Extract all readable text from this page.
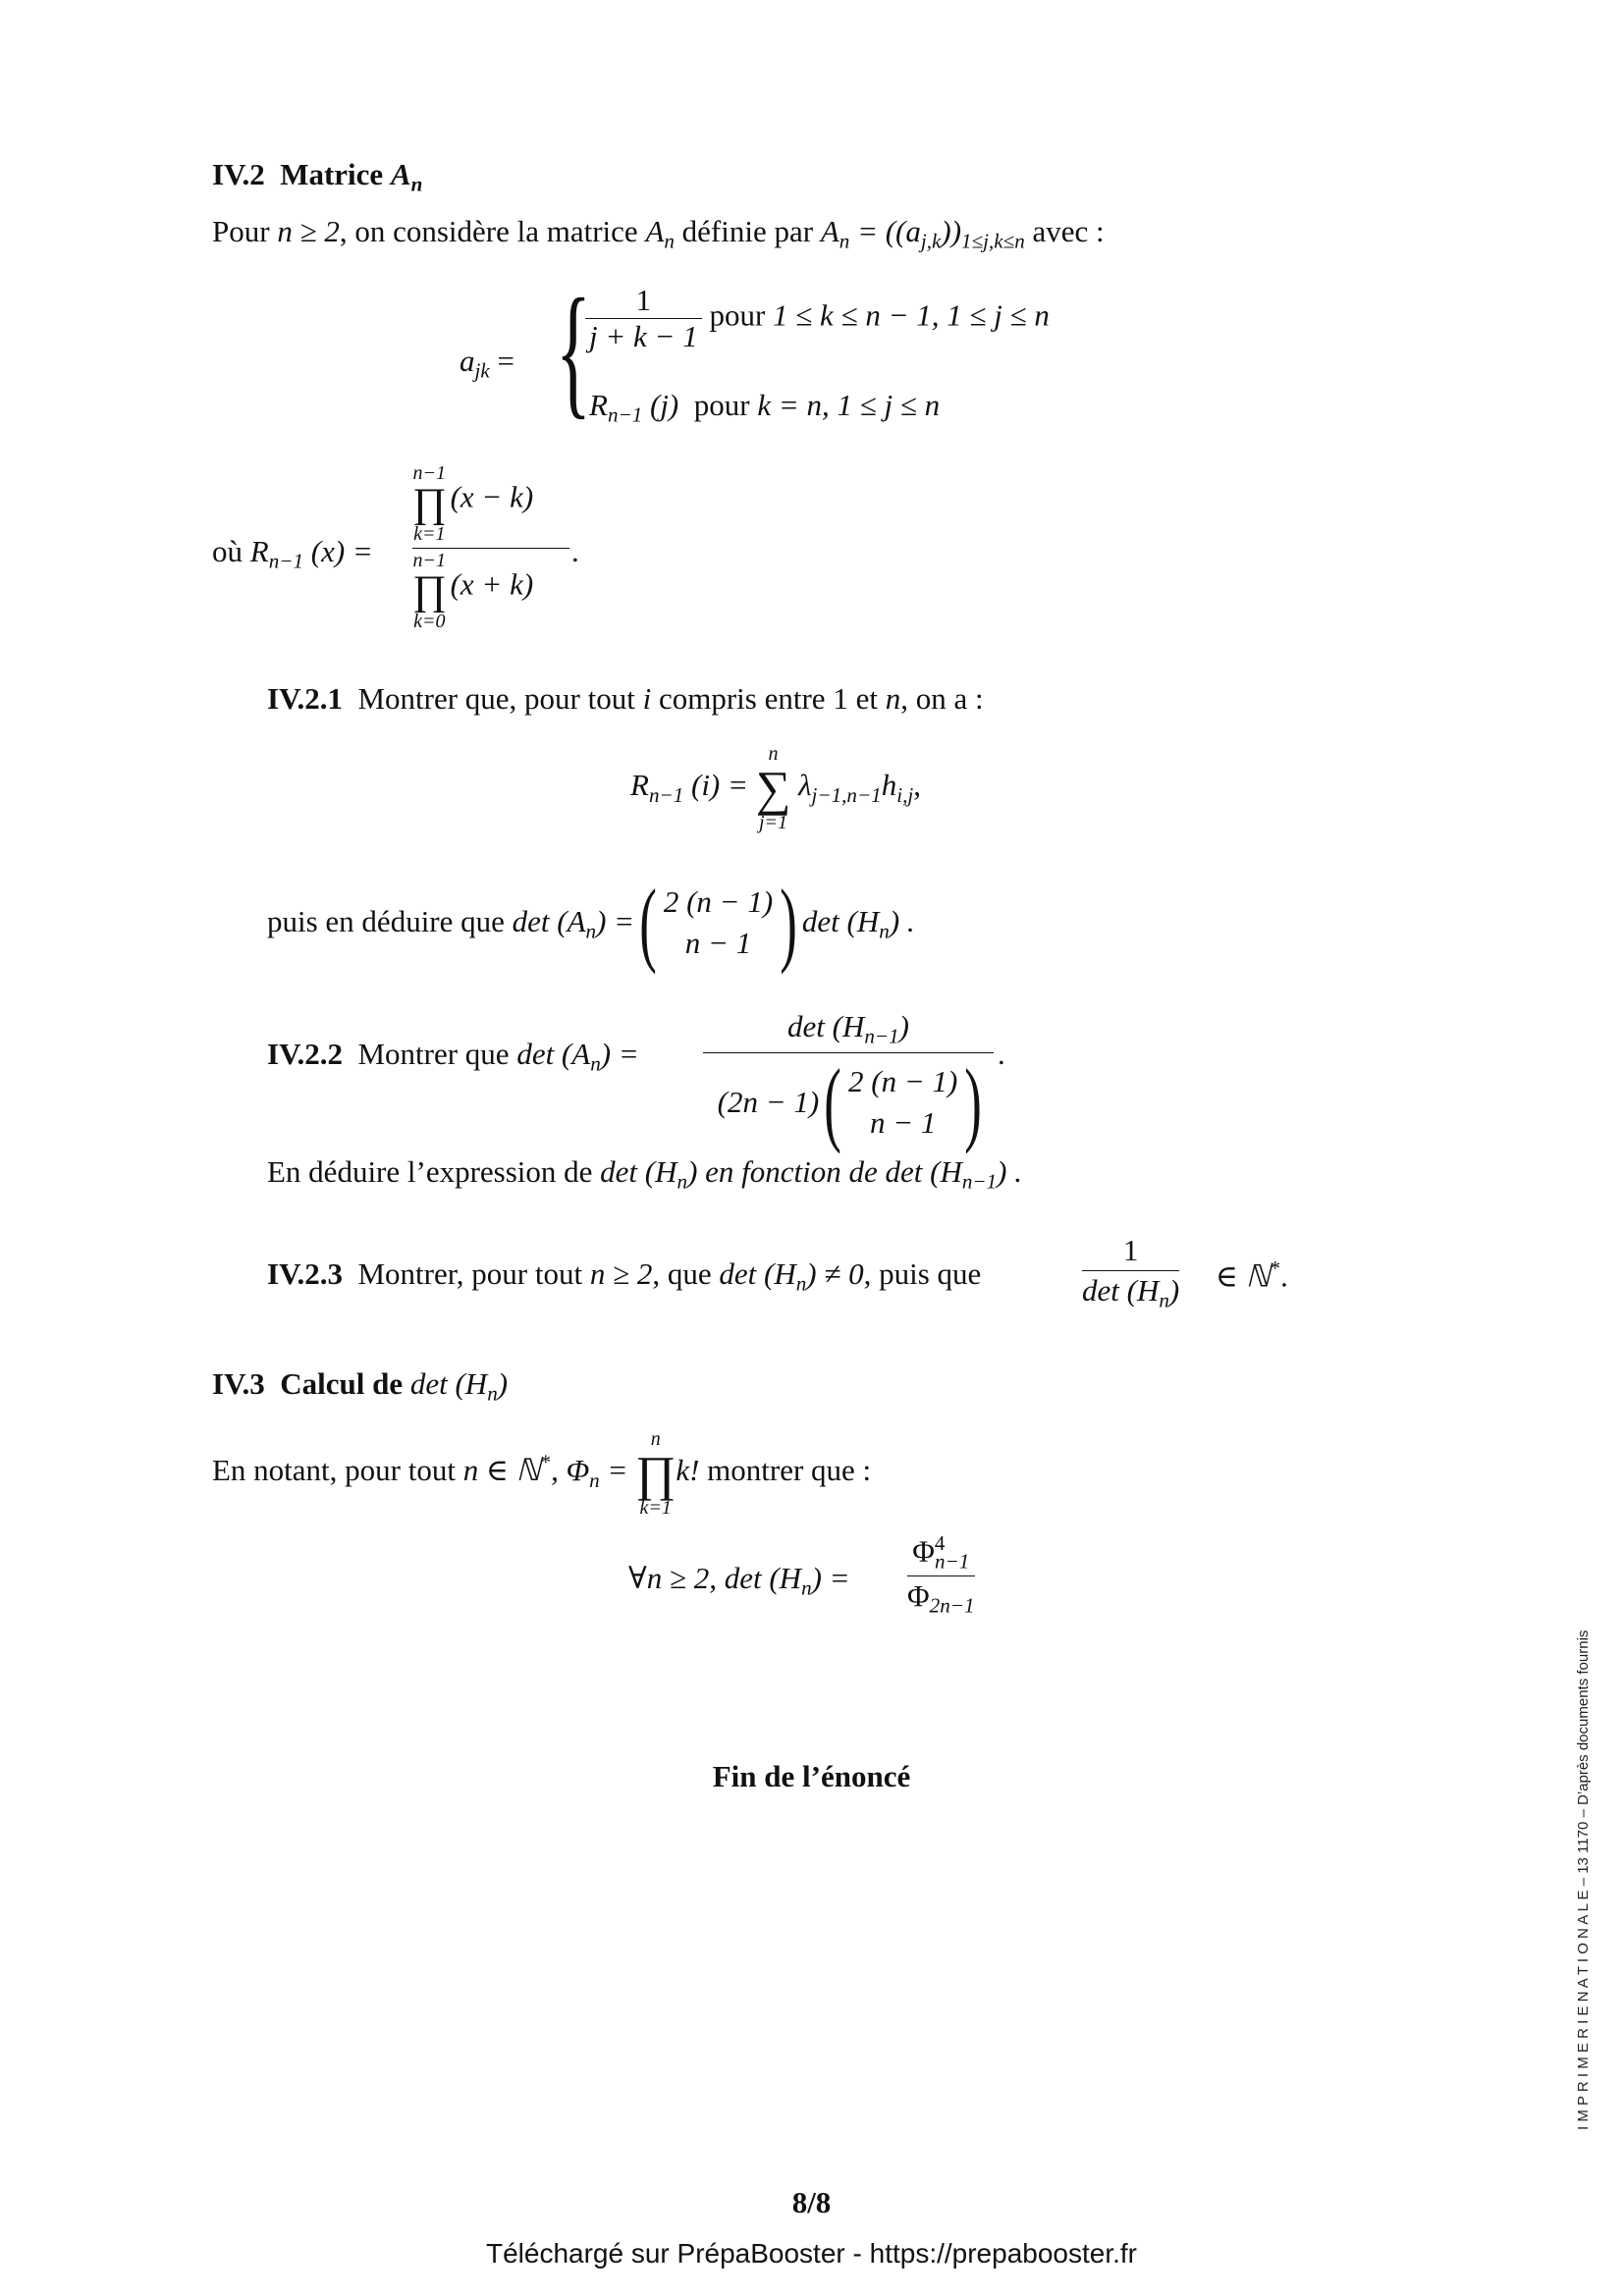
IV.2 Matrice $A_n$
Pour n ≥ 2, on considère la matrice $A_n$ définie par $A_n = ((a_{j,k}))_{1\le j,k\le n}$ avec :
$a_{jk}$ = {
$\frac{1}{j + k - 1}$ pour 1 ≤ k ≤ n − 1, 1 ≤ j ≤ n
$R_{n-1}$ (j) pour k = n, 1 ≤ j ≤ n
où $R_{n-1}$ (x) =
n−1
∏
k=1
(x − k)
n−1
∏
k=0
(x + k)
.
IV.2.1 Montrer que, pour tout i compris entre 1 et n, on a :
$R_{n-1}$ (i) =
n
∑
j=1
$\lambda_{j-1,n-1}h_{i,j}$,
puis en déduire que $\det (A_n)$ = ( 2 (n − 1)
n − 1 ) $\det (H_n)$ .
IV.2.2 Montrer que $\det (A_n)$ =
$\det (H_{n-1})$
(2n − 1) ( 2 (n − 1)
n − 1 ) .
En déduire l’expression de $\det (H_n)$ en fonction de $\det (H_{n-1})$ .
IV.2.3 Montrer, pour tout n ≥ 2, que $\det (H_n) \ne 0$, puis que
1
$\det (H_n)$ ∈ ℕ*.
IV.3 Calcul de $\det (H_n)$
En notant, pour tout n ∈ ℕ*, $\Phi_n$ =
n
∏
k=1
k! montrer que :
∀n ≥ 2, $\det (H_n)$ =
$\Phi^4_{n-1}$
$\Phi_{2n-1}$
Fin de l’énoncé
8/8
Téléchargé sur PrépaBooster - https://prepabooster.fr
I M P R I M E R I E N A T I O N A L E – 13 1170 – D’après documents fournis
